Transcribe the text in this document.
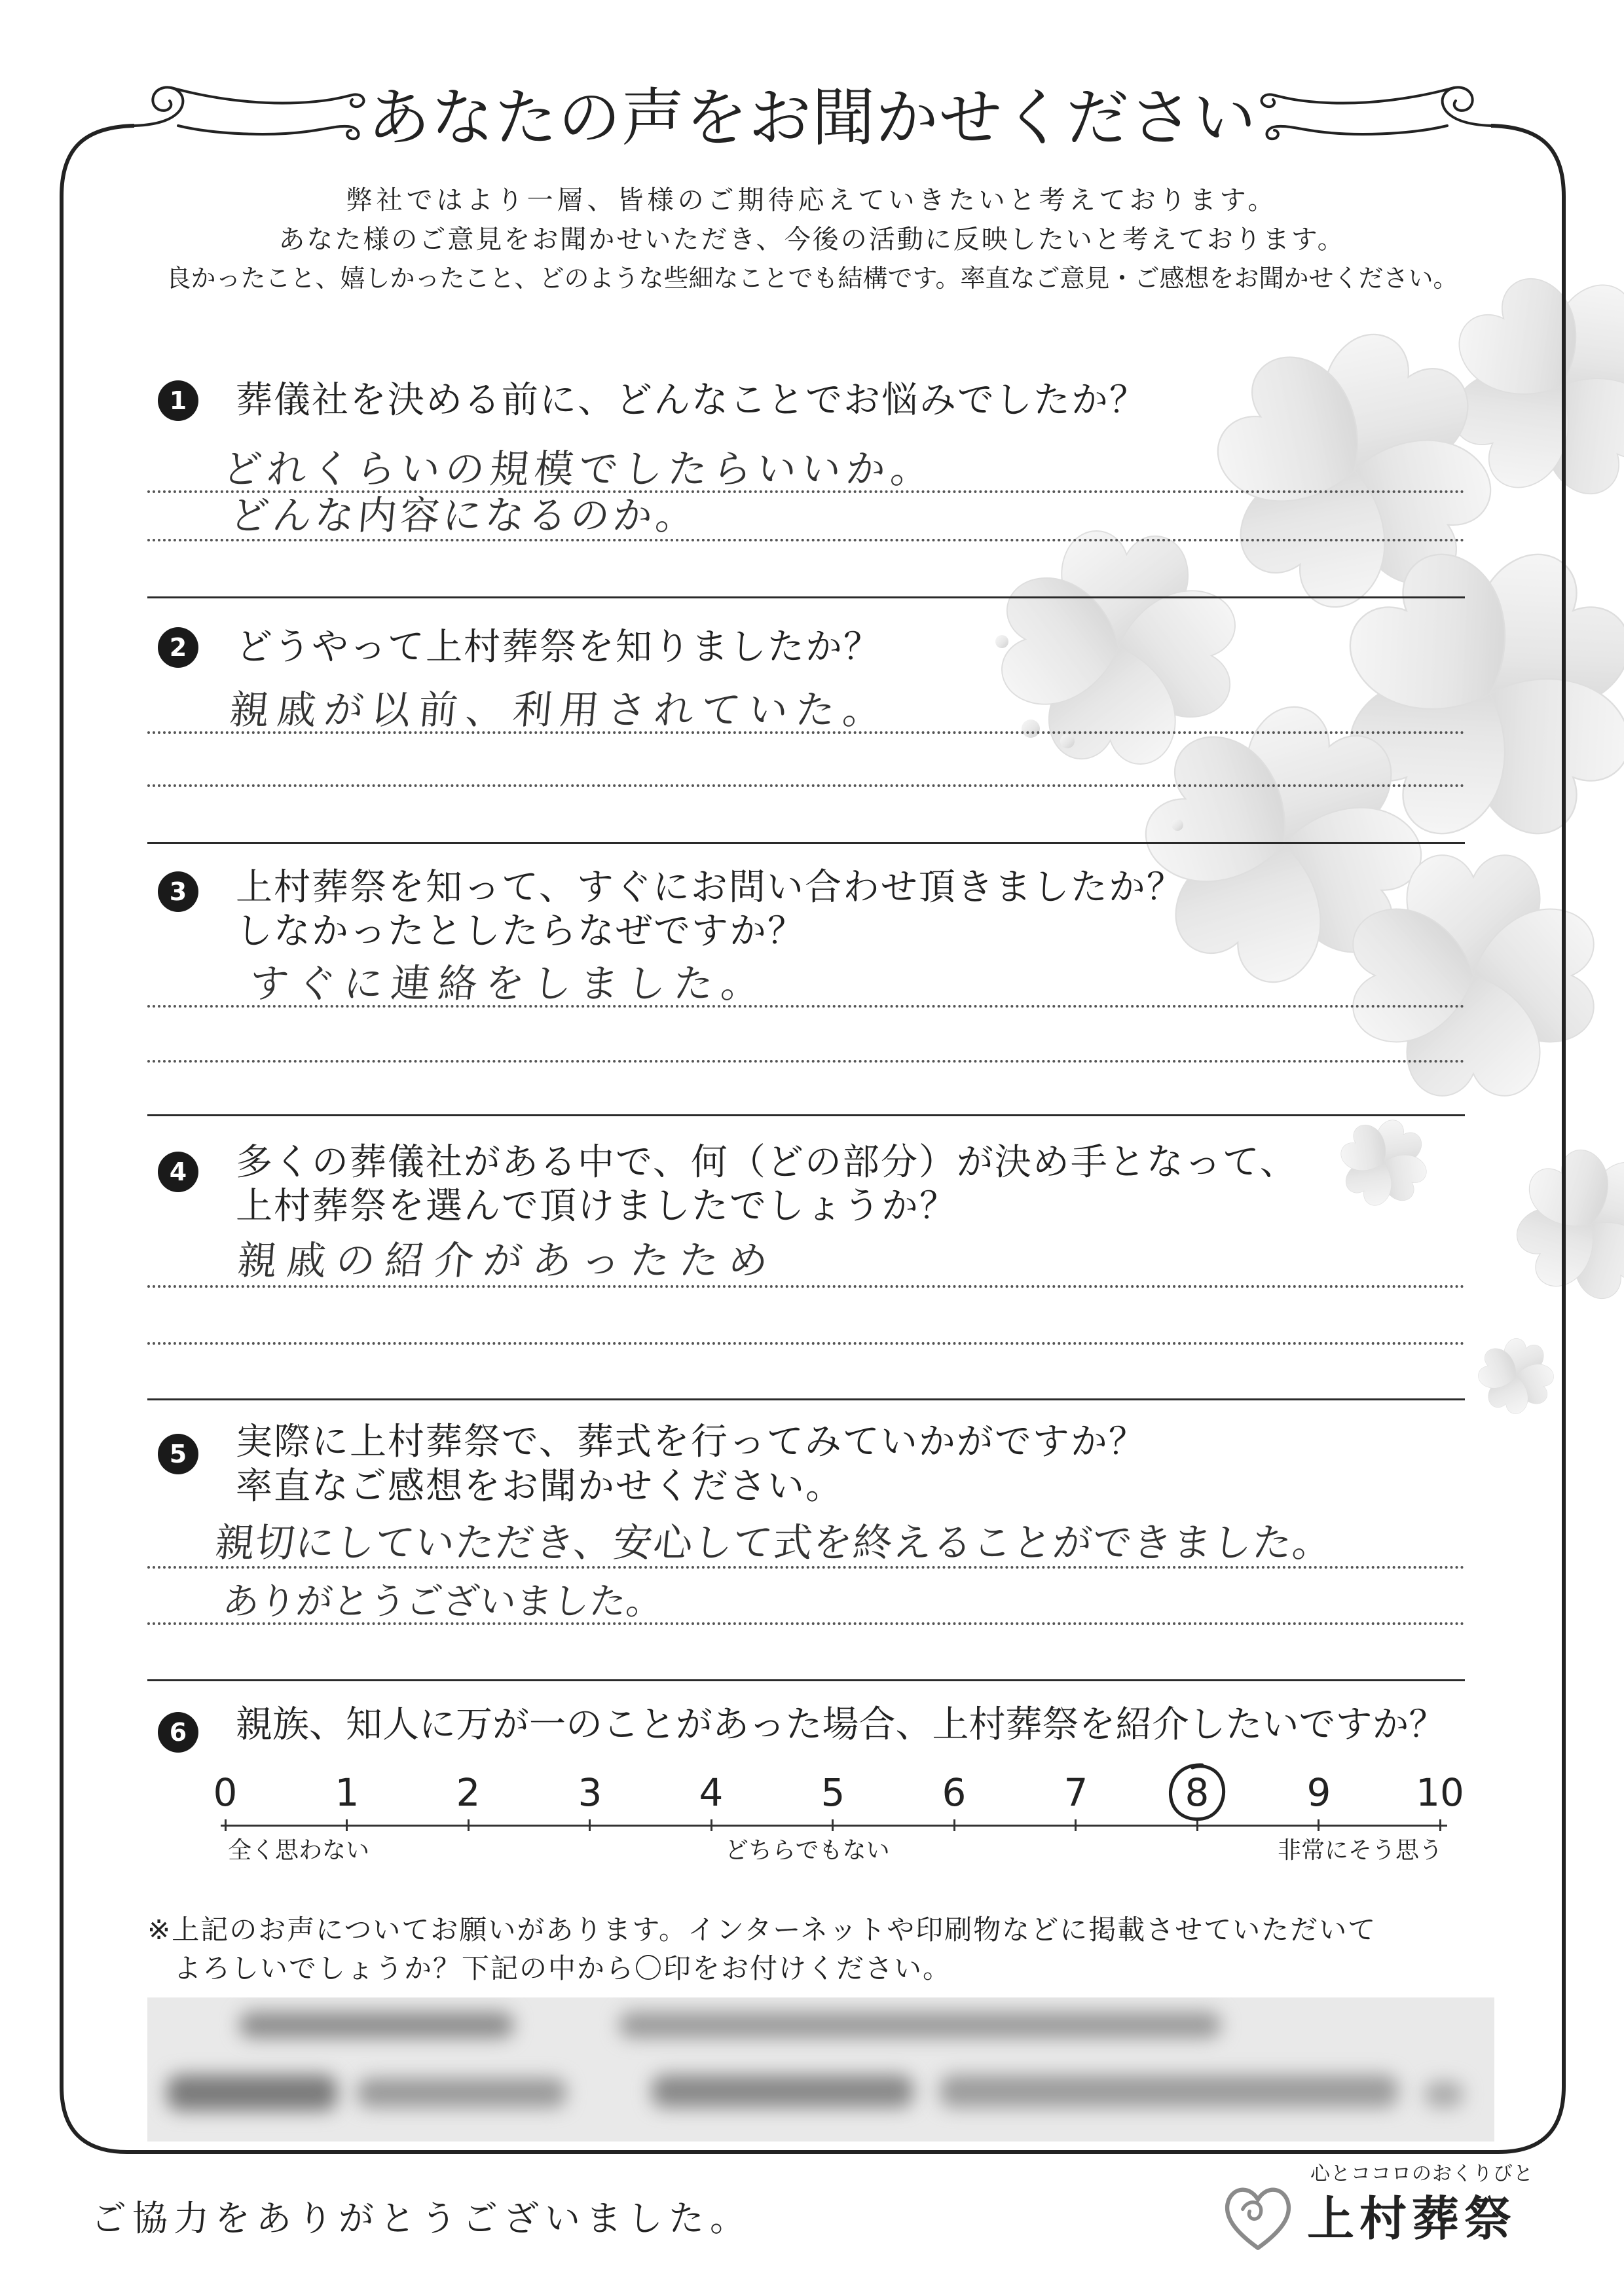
あなたの声をお聞かせください
弊社ではより一層、皆様のご期待応えていきたいと考えております。
あなた様のご意見をお聞かせいただき、今後の活動に反映したいと考えております。
良かったこと、嬉しかったこと、どのような些細なことでも結構です。率直なご意見・ご感想をお聞かせください。
1	葬儀社を決める前に、どんなことでお悩みでしたか？
どれくらいの規模でしたらいいか。
どんな内容になるのか。
2	どうやって上村葬祭を知りましたか？
親戚が以前、利用されていた。
3	上村葬祭を知って、すぐにお問い合わせ頂きましたか？
しなかったとしたらなぜですか？
すぐに連絡をしました。
4	多くの葬儀社がある中で、何（どの部分）が決め手となって、
上村葬祭を選んで頂けましたでしょうか？
親戚の紹介があったため
5	実際に上村葬祭で、葬式を行ってみていかがですか？
率直なご感想をお聞かせください。
親切にしていただき、安心して式を終えることができました。
ありがとうございました。
6	親族、知人に万が一のことがあった場合、上村葬祭を紹介したいですか？
0	1	2	3	4	5	6	7	8	9	10
全く思わない	どちらでもない	非常にそう思う
※上記のお声についてお願いがあります。インターネットや印刷物などに掲載させていただいて
よろしいでしょうか？下記の中から〇印をお付けください。
ご協力をありがとうございました。
心とココロのおくりびと
上村葬祭
